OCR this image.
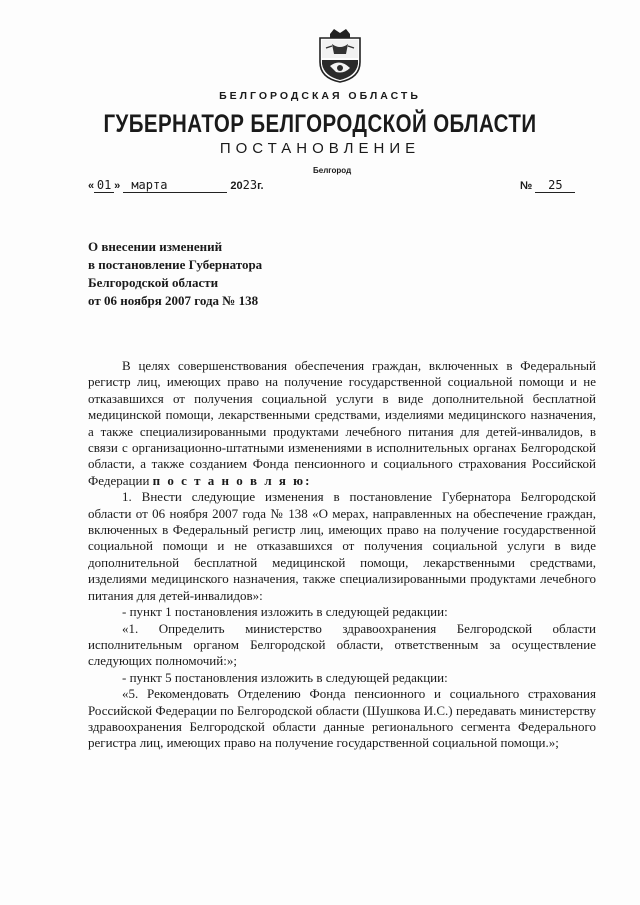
БЕЛГОРОДСКАЯ ОБЛАСТЬ
ГУБЕРНАТОР БЕЛГОРОДСКОЙ ОБЛАСТИ
ПОСТАНОВЛЕНИЕ
Белгород
« 01 » марта	2023г.	№ 25
О внесении изменений
в постановление Губернатора
Белгородской области
от 06 ноября 2007 года № 138

В целях совершенствования обеспечения граждан, включенных в Федеральный регистр лиц, имеющих право на получение государственной социальной помощи и не отказавшихся от получения социальной услуги в виде дополнительной бесплатной медицинской помощи, лекарственными средствами, изделиями медицинского назначения, а также специализированными продуктами лечебного питания для детей-инвалидов, в связи с организационно-штатными изменениями в исполнительных органах Белгородской области, а также созданием Фонда пенсионного и социального страхования Российской Федерации п о с т а н о в л я ю:

1. Внести следующие изменения в постановление Губернатора Белгородской области от 06 ноября 2007 года № 138 «О мерах, направленных на обеспечение граждан, включенных в Федеральный регистр лиц, имеющих право на получение государственной социальной помощи и не отказавшихся от получения социальной услуги в виде дополнительной бесплатной медицинской помощи, лекарственными средствами, изделиями медицинского назначения, также специализированными продуктами лечебного питания для детей-инвалидов»:

- пункт 1 постановления изложить в следующей редакции:

«1. Определить министерство здравоохранения Белгородской области исполнительным органом Белгородской области, ответственным за осуществление следующих полномочий:»;

- пункт 5 постановления изложить в следующей редакции:

«5. Рекомендовать Отделению Фонда пенсионного и социального страхования Российской Федерации по Белгородской области (Шушкова И.С.) передавать министерству здравоохранения Белгородской области данные регионального сегмента Федерального регистра лиц, имеющих право на получение государственной социальной помощи.»;
